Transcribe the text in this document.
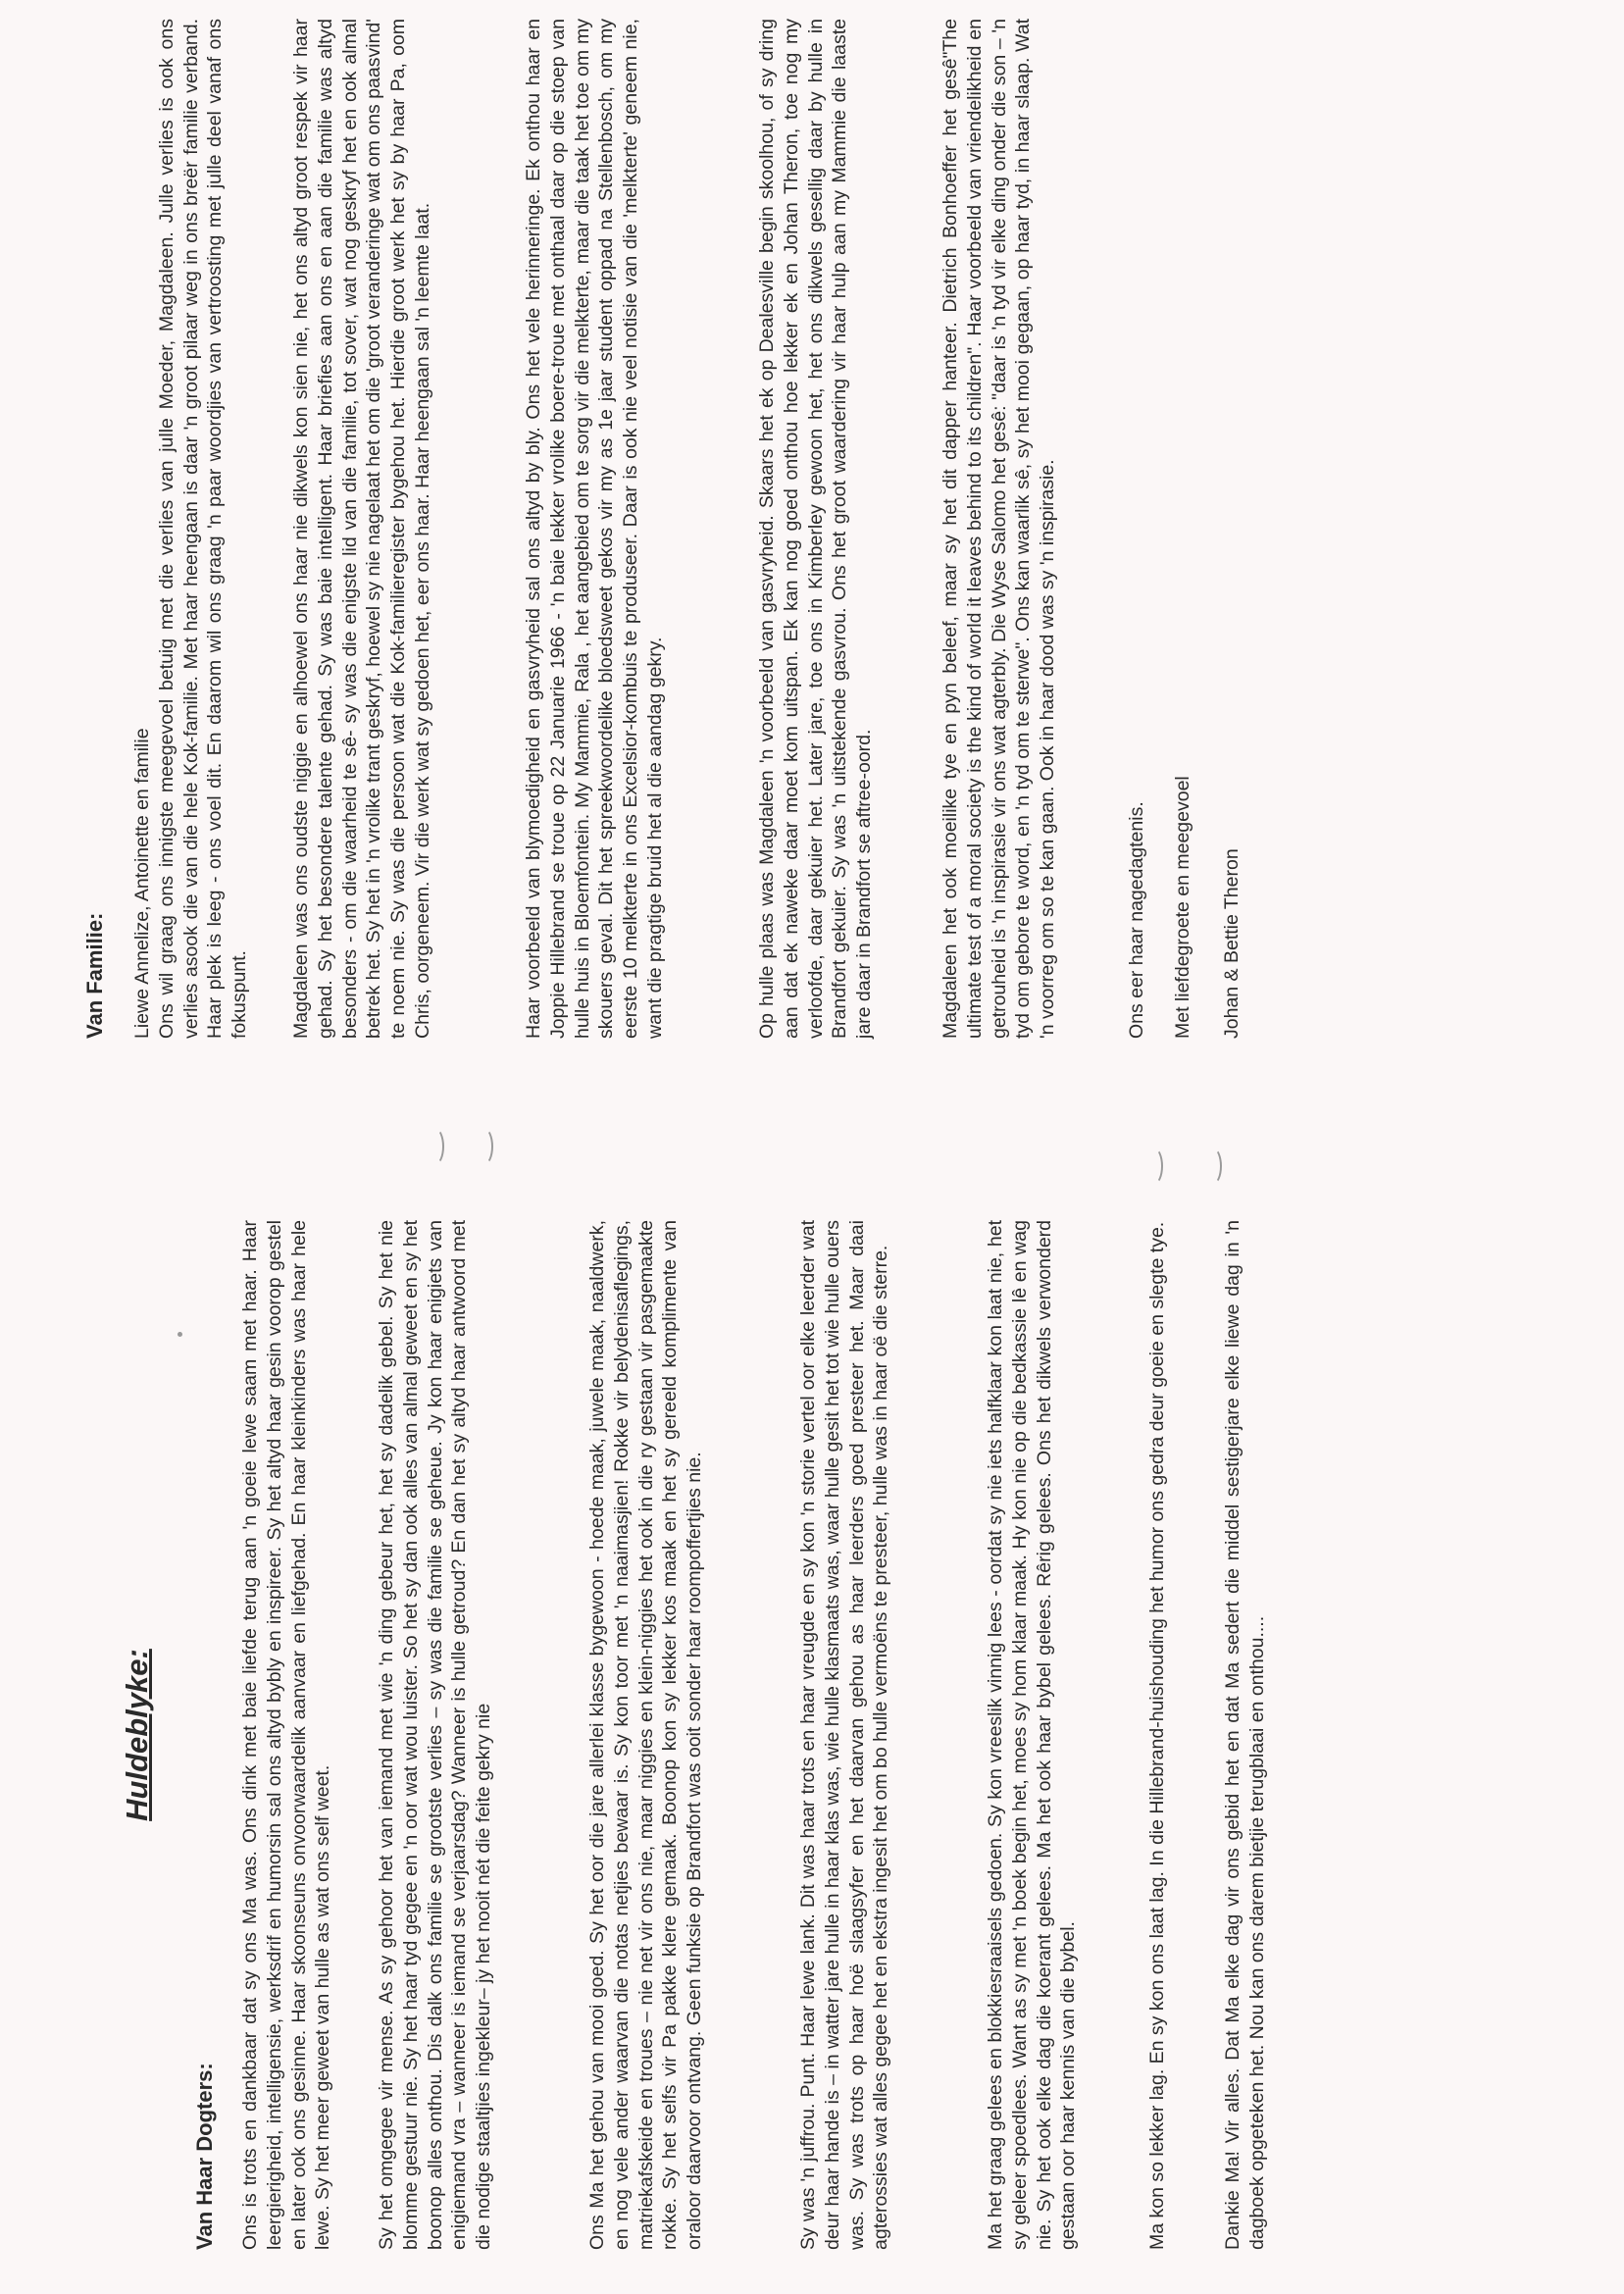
Huldeblyke:
Van Haar Dogters: Ons is trots en dankbaar dat sy ons Ma was. Ons dink met baie liefde terug aan 'n goeie lewe saam met haar. Haar leergierigheid, intelligensie, werksdrif en humorsin sal ons altyd bybly en inspireer. Sy het altyd haar gesin voorop gestel en later ook ons gesinne. Haar skoonseuns onvoorwaardelik aanvaar en liefgehad. En haar kleinkinders was haar hele lewe. Sy het meer geweet van hulle as wat ons self weet. Sy het omgegee vir mense. As sy gehoor het van iemand met wie 'n ding gebeur het, het sy dadelik gebel. Sy het nie blomme gestuur nie. Sy het haar tyd gegee en 'n oor wat wou luister. So het sy dan ook alles van almal geweet en sy het boonop alles onthou. Dis dalk ons familie se grootste verlies – sy was die familie se geheue. Jy kon haar enigiets van enigiemand vra – wanneer is iemand se verjaarsdag? Wanneer is hulle getroud? En dan het sy altyd haar antwoord met die nodige staaltjies ingekleur– jy het nooit nét die feite gekry nie	Ons Ma het gehou van mooi goed. Sy het oor die jare allerlei klasse bygewoon - hoede maak, juwele maak, naaldwerk, en nog vele ander waarvan die notas netjies bewaar is. Sy kon toor met 'n naaimasjien! Rokke vir belydenisaflegings, matriekafskeide en troues – nie net vir ons nie, maar niggies en klein-niggies het ook in die ry gestaan vir pasgemaakte rokke. Sy het selfs vir Pa pakke klere gemaak. Boonop kon sy lekker kos maak en het sy gereeld komplimente van oraloor daarvoor ontvang. Geen funksie op Brandfort was ooit sonder haar roompoffertjies nie.	Sy was 'n juffrou. Punt. Haar lewe lank. Dit was haar trots en haar vreugde en sy kon 'n storie vertel oor elke leerder wat deur haar hande is – in watter jare hulle in haar klas was, wie hulle klasmaats was, waar hulle gesit het tot wie hulle ouers was. Sy was trots op haar hoë slaagsyfer en het daarvan gehou as haar leerders goed presteer het. Maar daai agterossies wat alles gegee het en ekstra ingesit het om bo hulle vermoëns te presteer, hulle was in haar oë die sterre.	Ma het graag gelees en blokkiesraaisels gedoen. Sy kon vreeslik vinnig lees - oordat sy nie iets halfklaar kon laat nie, het sy geleer spoedlees. Want as sy met 'n boek begin het, moes sy hom klaar maak. Hy kon nie op die bedkassie lê en wag nie. Sy het ook elke dag die koerant gelees. Ma het ook haar bybel gelees. Rêrig gelees. Ons het dikwels verwonderd gestaan oor haar kennis van die bybel.	Ma kon so lekker lag. En sy kon ons laat lag. In die Hillebrand-huishouding het humor ons gedra deur goeie en slegte tye.	Dankie Ma! Vir alles. Dat Ma elke dag vir ons gebid het en dat Ma sedert die middel sestigerjare elke liewe dag in 'n dagboek opgeteken het. Nou kan ons darem bietjie terugblaai en onthou....

Van Familie: Liewe Annelize, Antoinette en familie
Ons wil graag ons innigste meegevoel betuig met die verlies van julle Moeder, Magdaleen. Julle verlies is ook ons verlies asook die van die hele Kok-familie. Met haar heengaan is daar 'n groot pilaar weg in ons breër familie verband. Haar plek is leeg - ons voel dit. En daarom wil ons graag 'n paar woordjies van vertroosting met julle deel vanaf ons fokuspunt. Magdaleen was ons oudste niggie en alhoewel ons haar nie dikwels kon sien nie, het ons altyd groot respek vir haar gehad. Sy het besondere talente gehad. Sy was baie intelligent. Haar briefies aan ons en aan die familie was altyd besonders - om die waarheid te sê- sy was die enigste lid van die familie, tot sover, wat nog geskryf het en ook almal betrek het. Sy het in 'n vrolike trant geskryf, hoewel sy nie nagelaat het om die 'groot veranderinge wat om ons paasvind' te noem nie. Sy was die persoon wat die Kok-familieregister bygehou het. Hierdie groot werk het sy by haar Pa, oom Chris, oorgeneem. Vir die werk wat sy gedoen het, eer ons haar. Haar heengaan sal 'n leemte laat.	Haar voorbeeld van blymoedigheid en gasvryheid sal ons altyd by bly. Ons het vele herinneringe. Ek onthou haar en Joppie Hillebrand se troue op 22 Januarie 1966 - 'n baie lekker vrolike boere-troue met onthaal daar op die stoep van hulle huis in Bloemfontein. My Mammie, Rala , het aangebied om te sorg vir die melkterte, maar die taak het toe om my skouers geval. Dit het spreekwoordelike bloedsweet gekos vir my as 1e jaar student oppad na Stellenbosch, om my eerste 10 melkterte in ons Excelsior-kombuis te produseer. Daar is ook nie veel notisie van die 'melkterte' geneem nie, want die pragtige bruid het al die aandag gekry.	Op hulle plaas was Magdaleen 'n voorbeeld van gasvryheid. Skaars het ek op Dealesville begin skoolhou, of sy dring aan dat ek naweke daar moet kom uitspan. Ek kan nog goed onthou hoe lekker ek en Johan Theron, toe nog my verloofde, daar gekuier het. Later jare, toe ons in Kimberley gewoon het, het ons dikwels gesellig daar by hulle in Brandfort gekuier. Sy was 'n uitstekende gasvrou. Ons het groot waardering vir haar hulp aan my Mammie die laaste jare daar in Brandfort se aftree-oord.	Magdaleen het ook moeilike tye en pyn beleef, maar sy het dit dapper hanteer. Dietrich Bonhoeffer het gesê"The ultimate test of a moral society is the kind of world it leaves behind to its children". Haar voorbeeld van vriendelikheid en getrouheid is 'n inspirasie vir ons wat agterbly. Die Wyse Salomo het gesê: "daar is 'n tyd vir elke ding onder die son – 'n tyd om gebore te word, en 'n tyd om te sterwe". Ons kan waarlik sê, sy het mooi gegaan, op haar tyd, in haar slaap. Wat 'n voorreg om so te kan gaan. Ook in haar dood was sy 'n inspirasie.	Ons eer haar nagedagtenis. Met liefdegroete en meegevoel Johan & Bettie Theron
